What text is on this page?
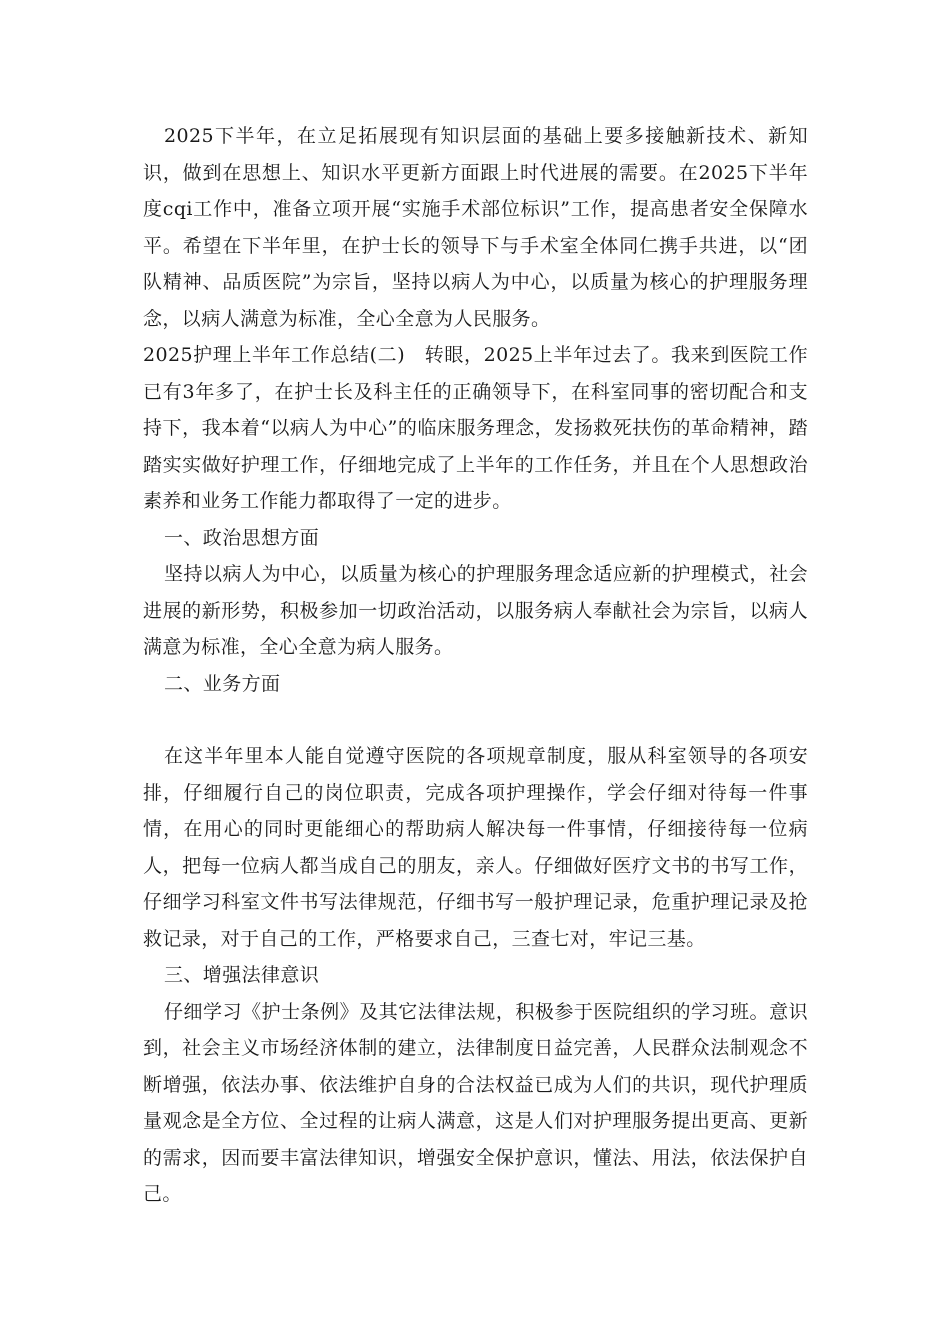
2025下半年，在立足拓展现有知识层面的基础上要多接触新技术、新知识，做到在思想上、知识水平更新方面跟上时代进展的需要。在2025下半年度cqi工作中，准备立项开展“实施手术部位标识”工作，提高患者安全保障水平。希望在下半年里，在护士长的领导下与手术室全体同仁携手共进，以“团队精神、品质医院”为宗旨，坚持以病人为中心，以质量为核心的护理服务理念，以病人满意为标准，全心全意为人民服务。

2025护理上半年工作总结(二)　转眼，2025上半年过去了。我来到医院工作已有3年多了，在护士长及科主任的正确领导下，在科室同事的密切配合和支持下，我本着“以病人为中心”的临床服务理念，发扬救死扶伤的革命精神，踏踏实实做好护理工作，仔细地完成了上半年的工作任务，并且在个人思想政治素养和业务工作能力都取得了一定的进步。

一、政治思想方面

坚持以病人为中心，以质量为核心的护理服务理念适应新的护理模式，社会进展的新形势，积极参加一切政治活动，以服务病人奉献社会为宗旨，以病人满意为标准，全心全意为病人服务。

二、业务方面

在这半年里本人能自觉遵守医院的各项规章制度，服从科室领导的各项安排，仔细履行自己的岗位职责，完成各项护理操作，学会仔细对待每一件事情，在用心的同时更能细心的帮助病人解决每一件事情，仔细接待每一位病人，把每一位病人都当成自己的朋友，亲人。仔细做好医疗文书的书写工作，仔细学习科室文件书写法律规范，仔细书写一般护理记录，危重护理记录及抢救记录，对于自己的工作，严格要求自己，三查七对，牢记三基。

三、增强法律意识

仔细学习《护士条例》及其它法律法规，积极参于医院组织的学习班。意识到，社会主义市场经济体制的建立，法律制度日益完善，人民群众法制观念不断增强，依法办事、依法维护自身的合法权益已成为人们的共识，现代护理质量观念是全方位、全过程的让病人满意，这是人们对护理服务提出更高、更新的需求，因而要丰富法律知识，增强安全保护意识，懂法、用法，依法保护自己。
